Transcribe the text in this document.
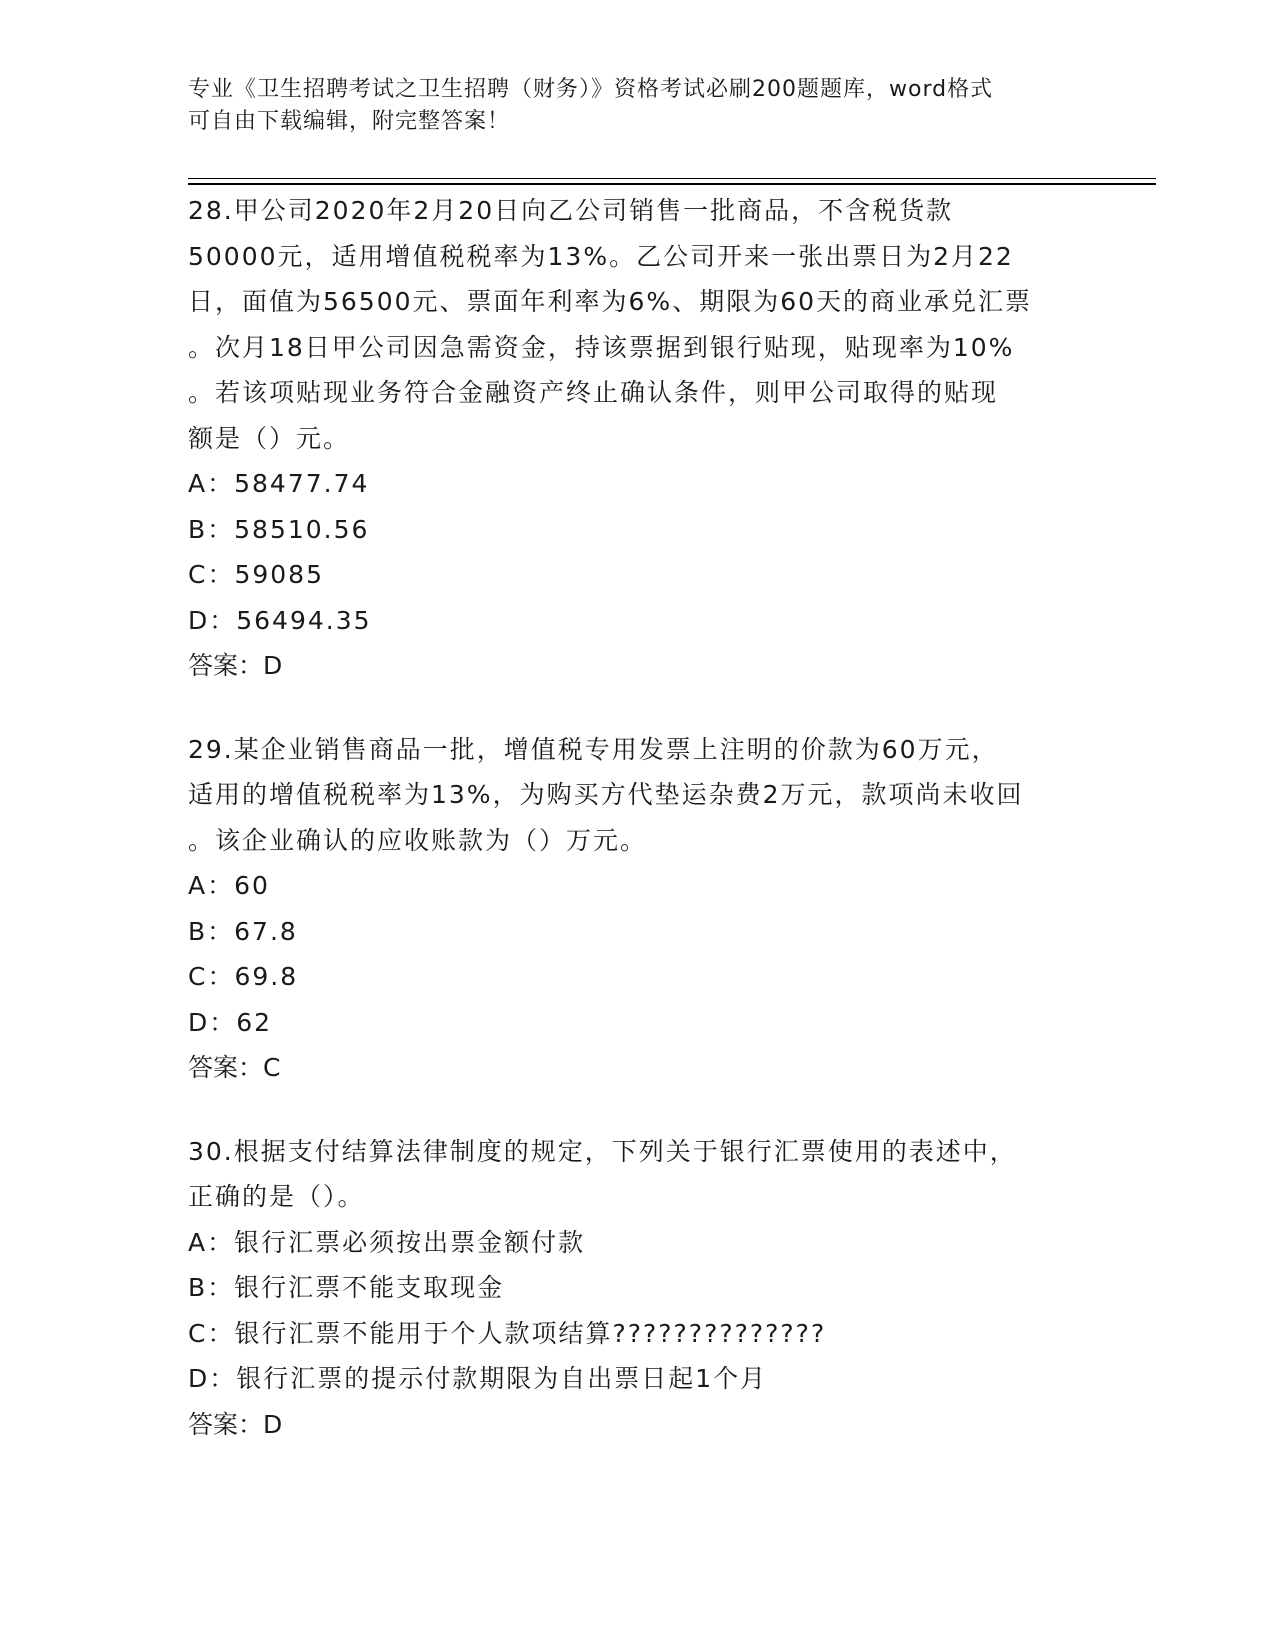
专业《卫生招聘考试之卫生招聘（财务）》资格考试必刷200题题库，word格式
可自由下载编辑，附完整答案！
28.甲公司2020年2月20日向乙公司销售一批商品，不含税货款
50000元，适用增值税税率为13%。乙公司开来一张出票日为2月22
日，面值为56500元、票面年利率为6%、期限为60天的商业承兑汇票
。次月18日甲公司因急需资金，持该票据到银行贴现，贴现率为10%
。若该项贴现业务符合金融资产终止确认条件，则甲公司取得的贴现
额是（）元。
A：58477.74
B：58510.56
C：59085
D：56494.35
答案：D
29.某企业销售商品一批，增值税专用发票上注明的价款为60万元，
适用的增值税税率为13%，为购买方代垫运杂费2万元，款项尚未收回
。该企业确认的应收账款为（）万元。
A：60
B：67.8
C：69.8
D：62
答案：C
30.根据支付结算法律制度的规定，下列关于银行汇票使用的表述中，
正确的是（）。
A：银行汇票必须按出票金额付款
B：银行汇票不能支取现金
C：银行汇票不能用于个人款项结算??????????????
D：银行汇票的提示付款期限为自出票日起1个月
答案：D
